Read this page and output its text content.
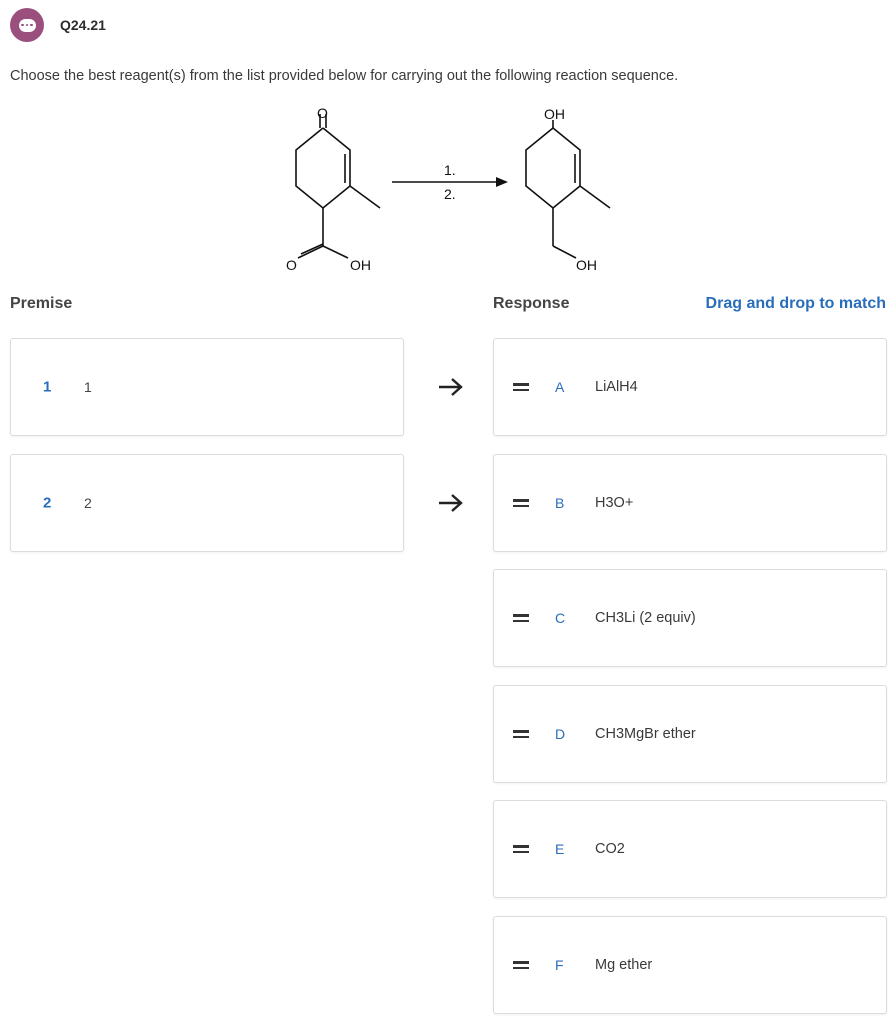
Q24.21
Choose the best reagent(s) from the list provided below for carrying out the following reaction sequence.
O
O	OH
1.
2.
OH
OH
Premise	Response	Drag and drop to match
1 1
2 2
A LiAlH4
B H3O+
C CH3Li (2 equiv)
D CH3MgBr ether
E CO2
F Mg ether
